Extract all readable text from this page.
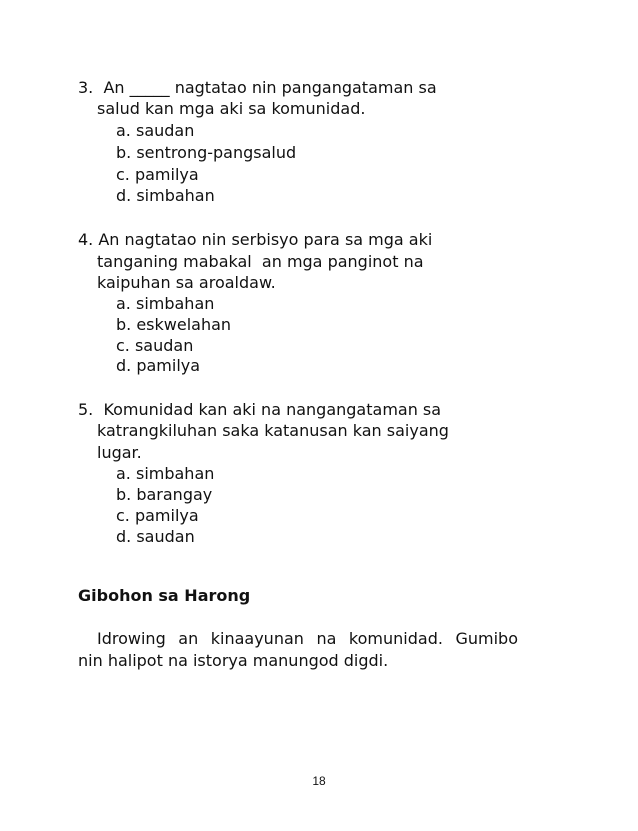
3.  An _____ nagtatao nin pangangataman sa
salud kan mga aki sa komunidad.
a. saudan
b. sentrong-pangsalud
c. pamilya
d. simbahan
4. An nagtatao nin serbisyo para sa mga aki
tanganing mabakal  an mga panginot na
kaipuhan sa aroaldaw.
a. simbahan
b. eskwelahan
c. saudan
d. pamilya
5.  Komunidad kan aki na nangangataman sa
katrangkiluhan saka katanusan kan saiyang
lugar.
a. simbahan
b. barangay
c. pamilya
d. saudan
Gibohon sa Harong
Idrowing an kinaayunan na komunidad. Gumibo
nin halipot na istorya manungod digdi.
18
